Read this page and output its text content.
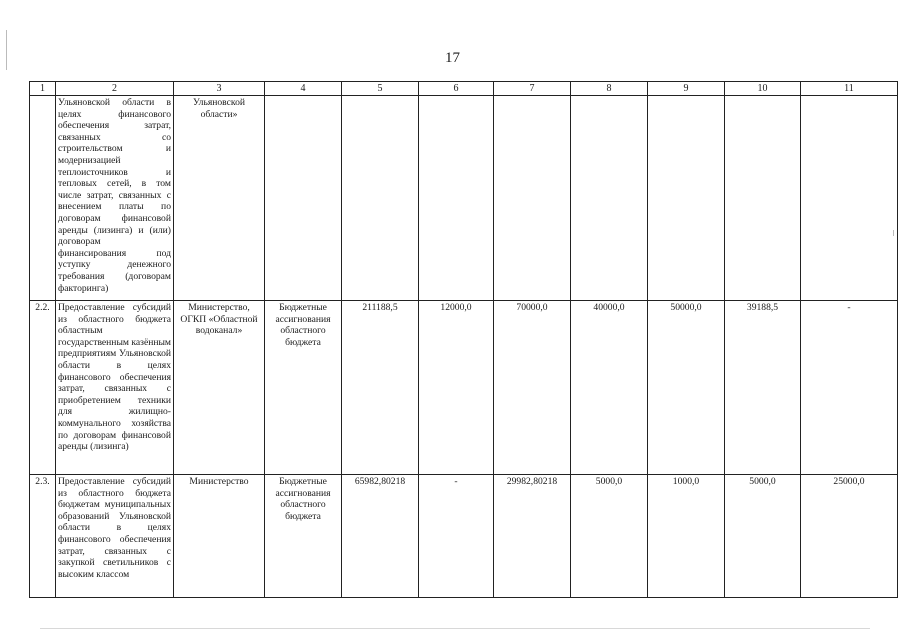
17
1	2	3	4	5	6	7	8	9	10	11
	Ульяновской области в целях финансового обеспечения затрат, связанных со строительством и модернизацией теплоисточников и тепловых сетей, в том числе затрат, связанных с внесением платы по договорам финансовой аренды (лизинга) и (или) договорам финансирования под уступку денежного требования (договорам факторинга)	Ульяновской области»								
2.2.	Предоставление субсидий из областного бюджета областным государственным казённым предприятиям Ульяновской области в целях финансового обеспечения затрат, связанных с приобретением техники для жилищно-коммунального хозяйства по договорам финансовой аренды (лизинга)	Министерство, ОГКП «Областной водоканал»	Бюджетные ассигнования областного бюджета	211188,5	12000,0	70000,0	40000,0	50000,0	39188,5	-
2.3.	Предоставление субсидий из областного бюджета бюджетам муниципальных образований Ульяновской области в целях финансового обеспечения затрат, связанных с закупкой светильников с высоким классом	Министерство	Бюджетные ассигнования областного бюджета	65982,80218	-	29982,80218	5000,0	1000,0	5000,0	25000,0
